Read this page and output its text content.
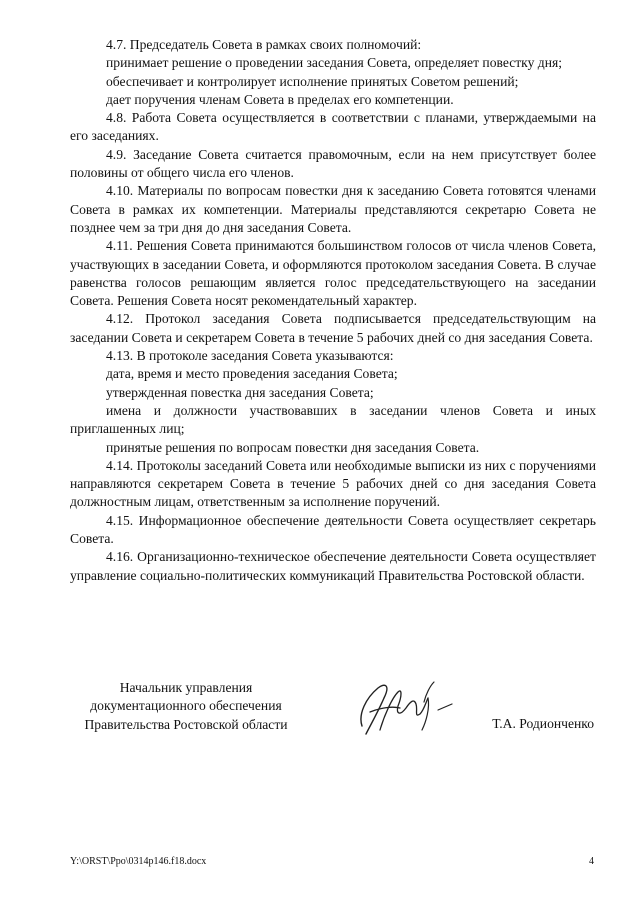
4.7. Председатель Совета в рамках своих полномочий:

принимает решение о проведении заседания Совета, определяет повестку дня;

обеспечивает и контролирует исполнение принятых Советом решений;

дает поручения членам Совета в пределах его компетенции.

4.8. Работа Совета осуществляется в соответствии с планами, утверждаемыми на его заседаниях.

4.9. Заседание Совета считается правомочным, если на нем присутствует более половины от общего числа его членов.

4.10. Материалы по вопросам повестки дня к заседанию Совета готовятся членами Совета в рамках их компетенции. Материалы представляются секретарю Совета не позднее чем за три дня до дня заседания Совета.

4.11. Решения Совета принимаются большинством голосов от числа членов Совета, участвующих в заседании Совета, и оформляются протоколом заседания Совета. В случае равенства голосов решающим является голос председательствующего на заседании Совета. Решения Совета носят рекомендательный характер.

4.12. Протокол заседания Совета подписывается председательствующим на заседании Совета и секретарем Совета в течение 5 рабочих дней со дня заседания Совета.

4.13. В протоколе заседания Совета указываются:

дата, время и место проведения заседания Совета;

утвержденная повестка дня заседания Совета;

имена и должности участвовавших в заседании членов Совета и иных приглашенных лиц;

принятые решения по вопросам повестки дня заседания Совета.

4.14. Протоколы заседаний Совета или необходимые выписки из них с поручениями направляются секретарем Совета в течение 5 рабочих дней со дня заседания Совета должностным лицам, ответственным за исполнение поручений.

4.15. Информационное обеспечение деятельности Совета осуществляет секретарь Совета.

4.16. Организационно-техническое обеспечение деятельности Совета осуществляет управление социально-политических коммуникаций Правительства Ростовской области.

Начальник управления
документационного обеспечения
Правительства Ростовской области	Т.А. Родионченко
Y:\ORST\Ppo\0314p146.f18.docx	4
